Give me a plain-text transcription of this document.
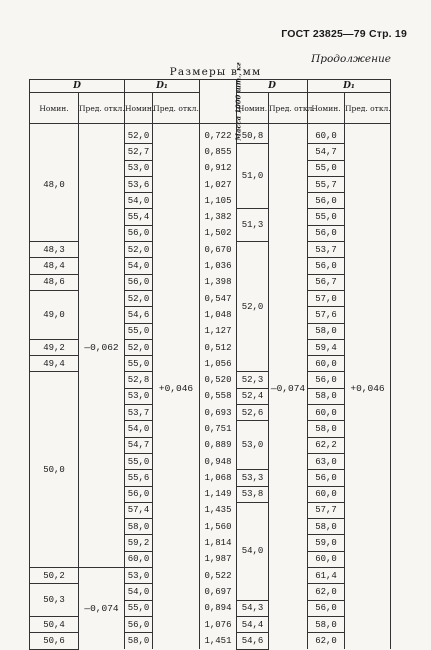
ГОСТ 23825—79 Стр. 19
Продолжение
Размеры в мм
D		D₁		Масса 1000 шт., кг	D		D₁	
Номин.	Пред. откл.	Номин.	Пред. откл.		Номин.	Пред. откл.	Номин.	Пред. откл.	
48,0	—0,062	52,0	+0,046	0,722	50,8	—0,074	60,0	+0,046	
		52,7		0,855	51,0		54,7	
		53,0		0,912			55,0	
		53,6		1,027			55,7	
		54,0		1,105			56,0	
		55,4		1,382	51,3		55,0	
		56,0		1,502			56,0	
48,3		52,0		0,670	52,0		53,7	
48,4		54,0		1,036			56,0	
48,6		56,0		1,398			56,7	
49,0		52,0		0,547			57,0	
		54,6		1,048			57,6	
		55,0		1,127			58,0	
49,2		52,0		0,512			59,4	
49,4		55,0		1,056			60,0	
50,0		52,8		0,520	52,3		56,0	
		53,0		0,558	52,4		58,0	
		53,7		0,693	52,6		60,0	
		54,0		0,751	53,0		58,0	
		54,7		0,889			62,2	
		55,0		0,948			63,0	
		55,6		1,068	53,3		56,0	
		56,0		1,149	53,8		60,0	
		57,4		1,435	54,0		57,7	
		58,0		1,560			58,0	
		59,2		1,814			59,0	
		60,0		1,987			60,0	
50,2	—0,074	53,0		0,522			61,4	
50,3		54,0		0,697			62,0	
		55,0		0,894	54,3		56,0	
50,4		56,0		1,076	54,4		58,0	
50,6		58,0		1,451	54,6		62,0	
